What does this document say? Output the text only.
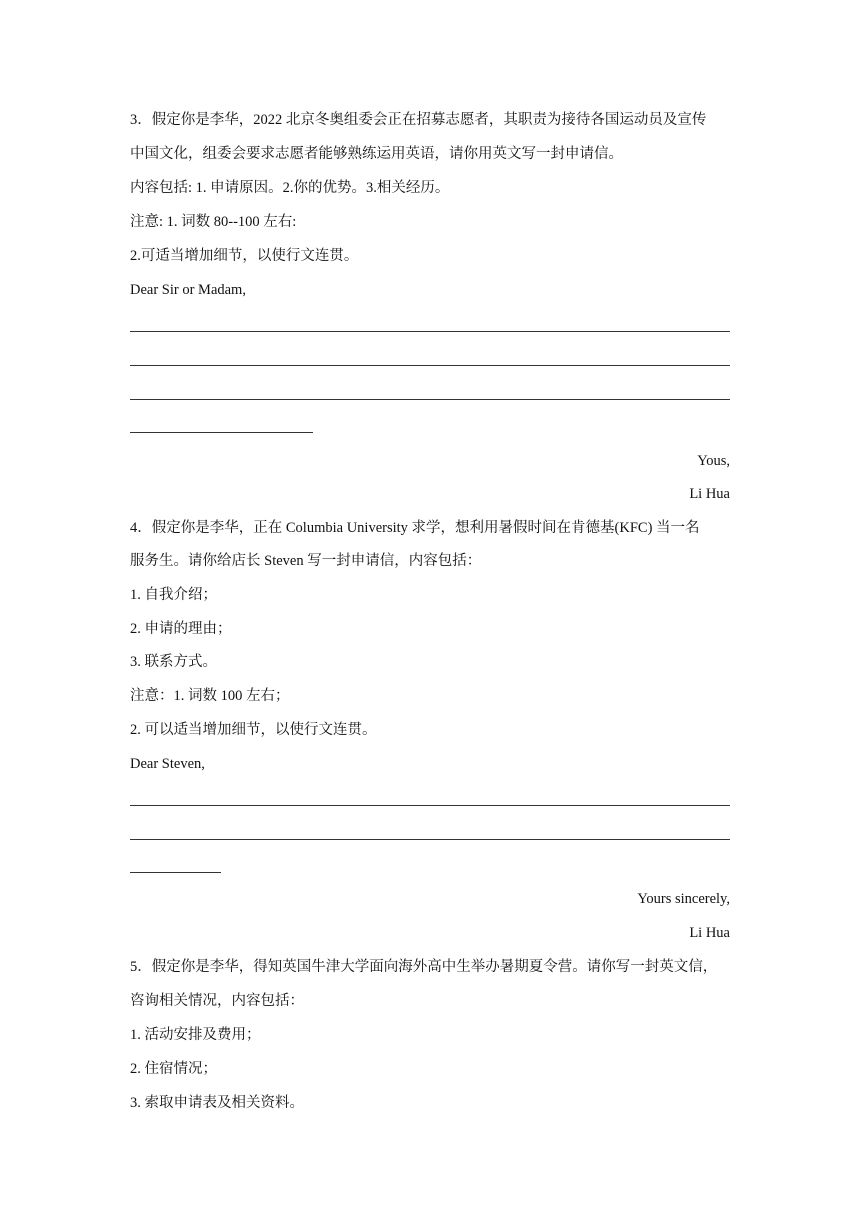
3．假定你是李华，2022 北京冬奥组委会正在招募志愿者，其职责为接待各国运动员及宣传
中国文化，组委会要求志愿者能够熟练运用英语，请你用英文写一封申请信。
内容包括: 1. 申请原因。2.你的优势。3.相关经历。
注意: 1. 词数 80--100 左右:
2.可适当增加细节，以使行文连贯。
Dear Sir or Madam,
Yous,
Li Hua
4．假定你是李华，正在 Columbia University 求学，想利用暑假时间在肯德基(KFC) 当一名
服务生。请你给店长 Steven 写一封申请信，内容包括：
1. 自我介绍；
2. 申请的理由；
3. 联系方式。
注意：1. 词数 100 左右；
2. 可以适当增加细节，以使行文连贯。
Dear Steven,
Yours sincerely,
Li Hua
5．假定你是李华，得知英国牛津大学面向海外高中生举办暑期夏令营。请你写一封英文信，
咨询相关情况，内容包括：
1. 活动安排及费用；
2. 住宿情况；
3. 索取申请表及相关资料。
